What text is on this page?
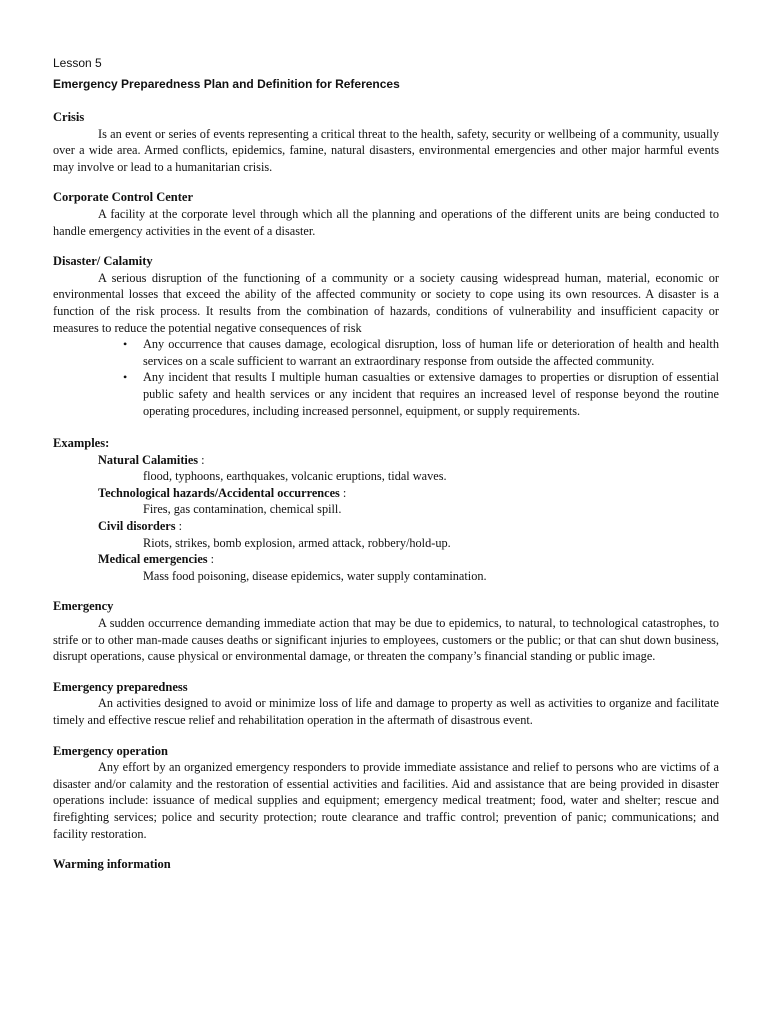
Lesson 5

Emergency Preparedness Plan and Definition for References

Crisis

Is an event or series of events representing a critical threat to the health, safety, security or wellbeing of a community, usually over a wide area. Armed conflicts, epidemics, famine, natural disasters, environmental emergencies and other major harmful events may involve or lead to a humanitarian crisis.

Corporate Control Center

A facility at the corporate level through which all the planning and operations of the different units are being conducted to handle emergency activities in the event of a disaster.

Disaster/ Calamity

A serious disruption of the functioning of a community or a society causing widespread human, material, economic or environmental losses that exceed the ability of the affected community or society to cope using its own resources. A disaster is a function of the risk process. It results from the combination of hazards, conditions of vulnerability and insufficient capacity or measures to reduce the potential negative consequences of risk

• Any occurrence that causes damage, ecological disruption, loss of human life or deterioration of health and health services on a scale sufficient to warrant an extraordinary response from outside the affected community.
• Any incident that results I multiple human casualties or extensive damages to properties or disruption of essential public safety and health services or any incident that requires an increased level of response beyond the routine operating procedures, including increased personnel, equipment, or supply requirements.

Examples:

Natural Calamities :
flood, typhoons, earthquakes, volcanic eruptions, tidal waves.
Technological hazards/Accidental occurrences :
Fires, gas contamination, chemical spill.
Civil disorders :
Riots, strikes, bomb explosion, armed attack, robbery/hold-up.
Medical emergencies :
Mass food poisoning, disease epidemics, water supply contamination.

Emergency

A sudden occurrence demanding immediate action that may be due to epidemics, to natural, to technological catastrophes, to strife or to other man-made causes deaths or significant injuries to employees, customers or the public; or that can shut down business, disrupt operations, cause physical or environmental damage, or threaten the company’s financial standing or public image.

Emergency preparedness

An activities designed to avoid or minimize loss of life and damage to property as well as activities to organize and facilitate timely and effective rescue relief and rehabilitation operation in the aftermath of disastrous event.

Emergency operation

Any effort by an organized emergency responders to provide immediate assistance and relief to persons who are victims of a disaster and/or calamity and the restoration of essential activities and facilities. Aid and assistance that are being provided in disaster operations include: issuance of medical supplies and equipment; emergency medical treatment; food, water and shelter; rescue and firefighting services; police and security protection; route clearance and traffic control; prevention of panic; communications; and facility restoration.

Warming information
